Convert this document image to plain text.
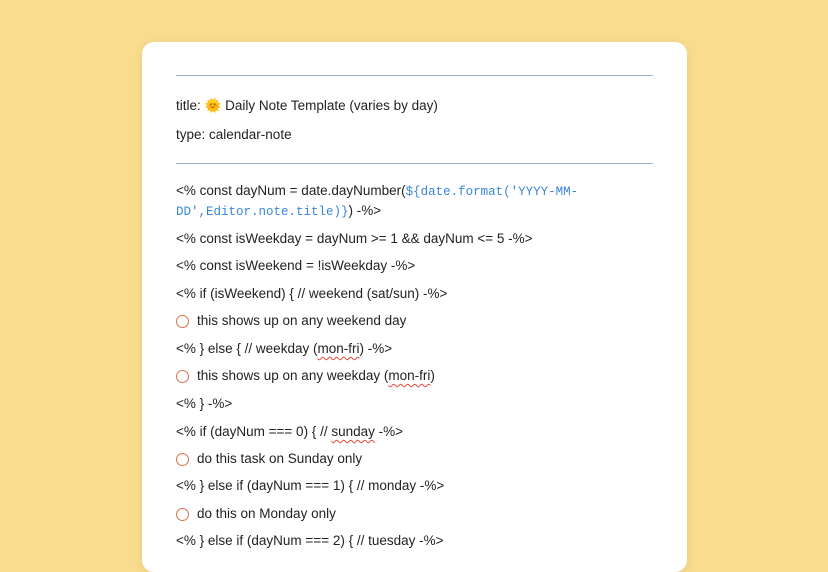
title: 🌞 Daily Note Template (varies by day)
type: calendar-note
<% const dayNum = date.dayNumber(${date.format('YYYY-MM-
DD',Editor.note.title)}) -%>
<% const isWeekday = dayNum >= 1 && dayNum <= 5 -%>
<% const isWeekend = !isWeekday -%>
<% if (isWeekend) { // weekend (sat/sun) -%>
this shows up on any weekend day
<% } else { // weekday (mon-fri) -%>
this shows up on any weekday (mon-fri)
<% } -%>
<% if (dayNum === 0) { // sunday -%>
do this task on Sunday only
<% } else if (dayNum === 1) { // monday -%>
do this on Monday only
<% } else if (dayNum === 2) { // tuesday -%>
